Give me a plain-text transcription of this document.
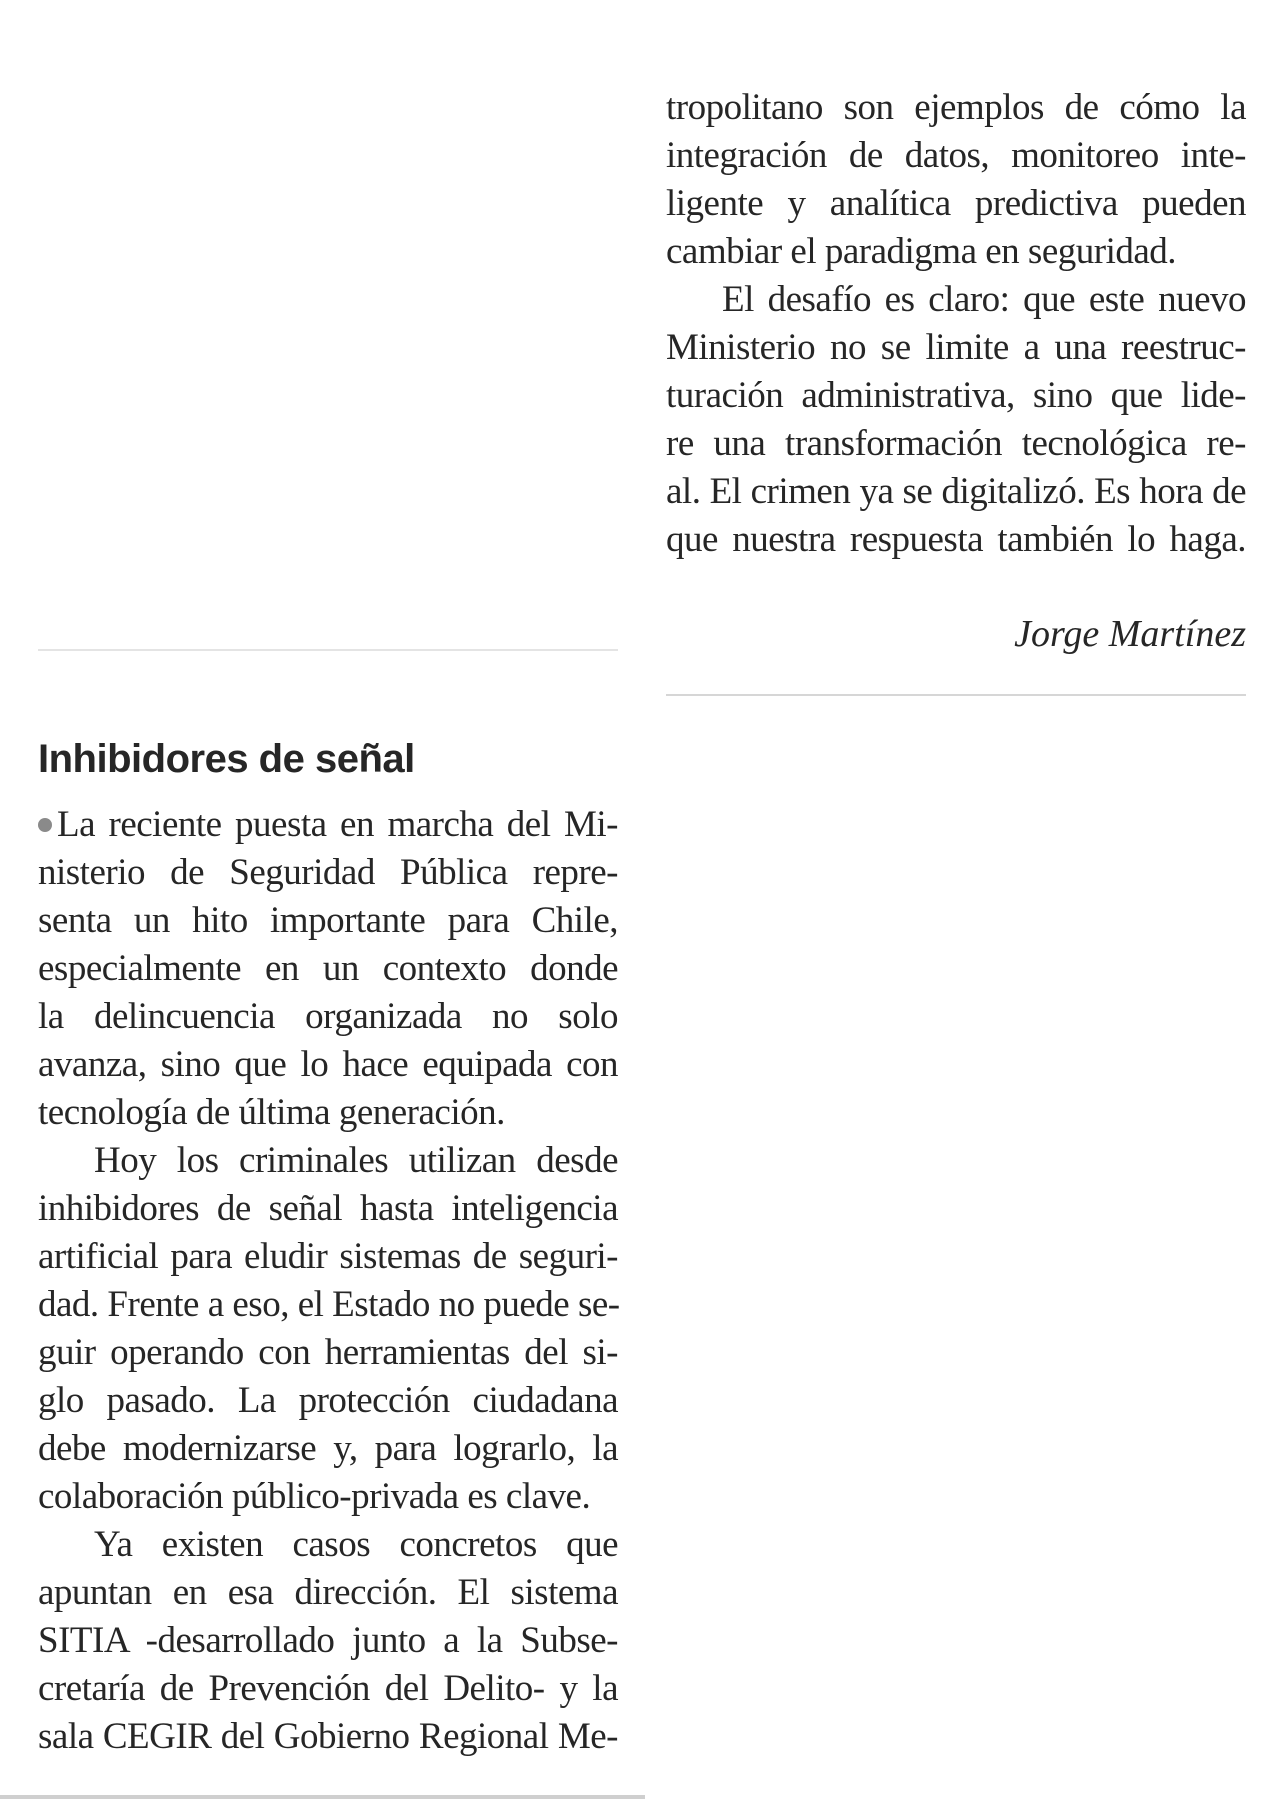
tropolitano son ejemplos de cómo la
integración de datos, monitoreo inte-
ligente y analítica predictiva pueden
cambiar el paradigma en seguridad.
El desafío es claro: que este nuevo
Ministerio no se limite a una reestruc-
turación administrativa, sino que lide-
re una transformación tecnológica re-
al. El crimen ya se digitalizó. Es hora de
que nuestra respuesta también lo haga.
Jorge Martínez
Inhibidores de señal
La reciente puesta en marcha del Mi-
nisterio de Seguridad Pública repre-
senta un hito importante para Chile,
especialmente en un contexto donde
la delincuencia organizada no solo
avanza, sino que lo hace equipada con
tecnología de última generación.
Hoy los criminales utilizan desde
inhibidores de señal hasta inteligencia
artificial para eludir sistemas de seguri-
dad. Frente a eso, el Estado no puede se-
guir operando con herramientas del si-
glo pasado. La protección ciudadana
debe modernizarse y, para lograrlo, la
colaboración público-privada es clave.
Ya existen casos concretos que
apuntan en esa dirección. El sistema
SITIA -desarrollado junto a la Subse-
cretaría de Prevención del Delito- y la
sala CEGIR del Gobierno Regional Me-
